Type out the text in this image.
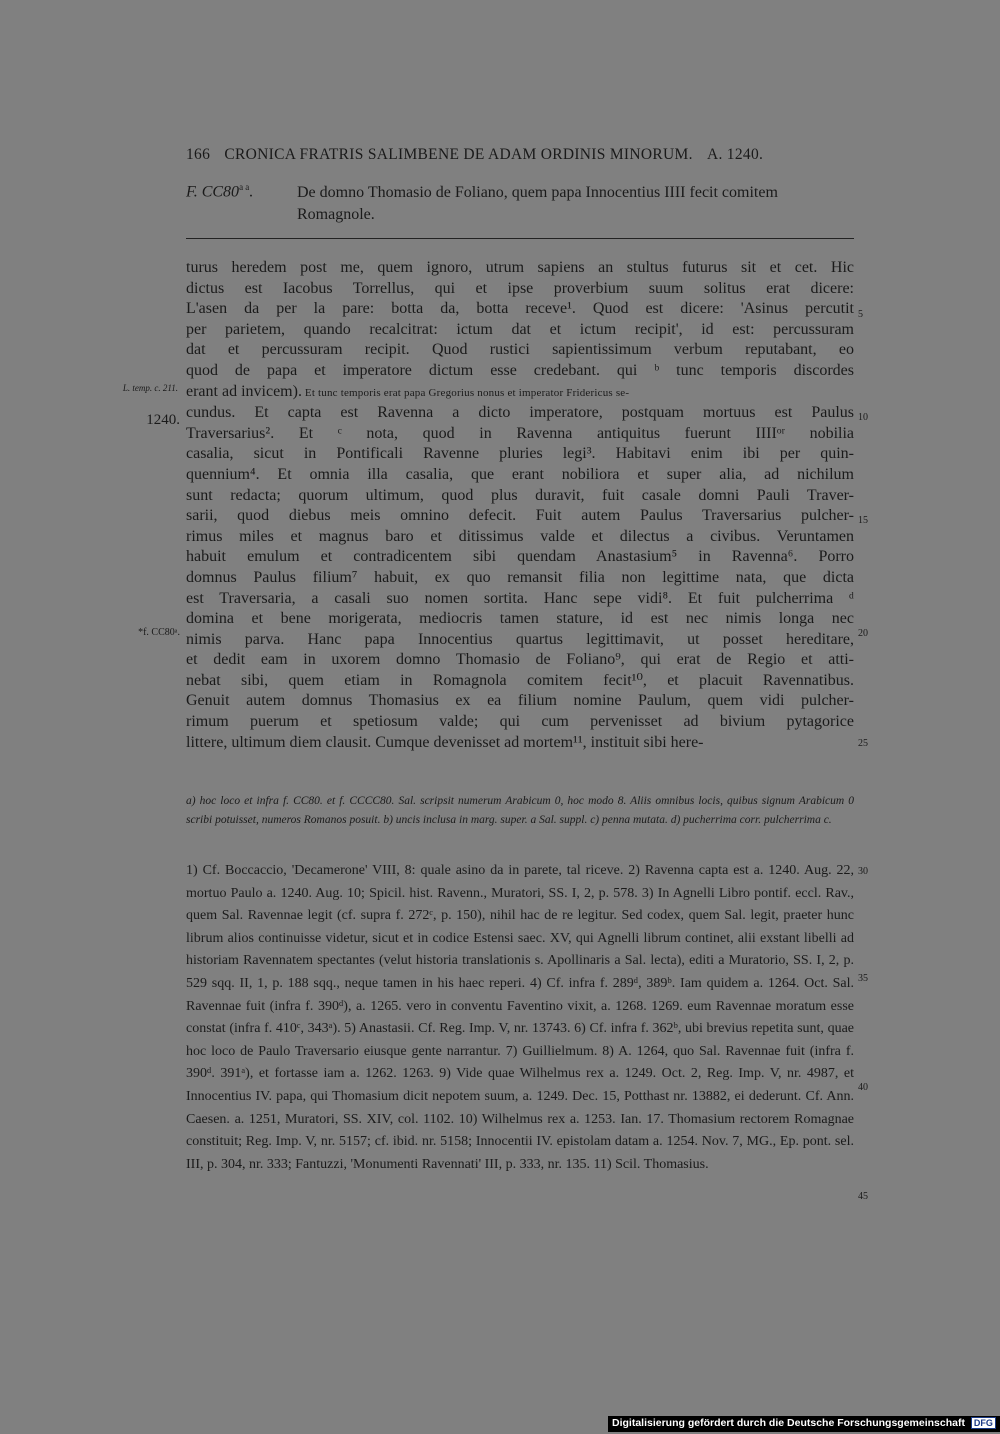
166 CRONICA FRATRIS SALIMBENE DE ADAM ORDINIS MINORUM. A. 1240.
F. $CC80^{a a}$.	De domno Thomasio de Foliano, quem papa Innocentius IIII fecit comitem Romagnole.

turus heredem post me, quem ignoro, utrum sapiens an stultus futurus sit et cet. Hic

dictus est Iacobus Torrellus, qui et ipse proverbium suum solitus erat dicere:

L'asen da per la pare: botta da, botta receve¹. Quod est dicere: 'Asinus percutit

per parietem, quando recalcitrat: ictum dat et ictum recipit', id est: percussuram

dat et percussuram recipit. Quod rustici sapientissimum verbum reputabant, eo

quod de papa et imperatore dictum esse credebant. qui ᵇ tunc temporis discordes

erant ad invicem). Et tunc temporis erat papa Gregorius nonus et imperator Fridericus se-

cundus. Et capta est Ravenna a dicto imperatore, postquam mortuus est Paulus

Traversarius². Et ᶜ nota, quod in Ravenna antiquitus fuerunt IIIIᵒʳ nobilia

casalia, sicut in Pontificali Ravenne pluries legi³. Habitavi enim ibi per quin-

quennium⁴. Et omnia illa casalia, que erant nobiliora et super alia, ad nichilum

sunt redacta; quorum ultimum, quod plus duravit, fuit casale domni Pauli Traver-

sarii, quod diebus meis omnino defecit. Fuit autem Paulus Traversarius pulcher-

rimus miles et magnus baro et ditissimus valde et dilectus a civibus. Veruntamen

habuit emulum et contradicentem sibi quendam Anastasium⁵ in Ravenna⁶. Porro

domnus Paulus filium⁷ habuit, ex quo remansit filia non legittime nata, que dicta

est Traversaria, a casali suo nomen sortita. Hanc sepe vidi⁸. Et fuit pulcherrima ᵈ

domina et bene morigerata, mediocris tamen stature, id est nec nimis longa nec

nimis parva. Hanc papa Innocentius quartus legittimavit, ut posset hereditare,

et dedit eam in uxorem domno Thomasio de Foliano⁹, qui erat de Regio et atti-

nebat sibi, quem etiam in Romagnola comitem fecit¹⁰, et placuit Ravennatibus.

Genuit autem domnus Thomasius ex ea filium nomine Paulum, quem vidi pulcher-

rimum puerum et spetiosum valde; qui cum pervenisset ad bivium pytagorice

littere, ultimum diem clausit. Cumque devenisset ad mortem¹¹, instituit sibi here-

5
10
15
20
25
30
35
40
45
L. temp. c. 211.
1240.
*f. CC80ᵃ.
a) hoc loco et infra f. CC80. et f. CCCC80. Sal. scripsit numerum Arabicum 0, hoc modo 8. Aliis omnibus locis, quibus signum Arabicum 0 scribi potuisset, numeros Romanos posuit. b) uncis inclusa in marg. super. a Sal. suppl. c) penna mutata. d) pucherrima corr. pulcherrima c.
1) Cf. Boccaccio, 'Decamerone' VIII, 8: quale asino da in parete, tal riceve. 2) Ravenna capta est a. 1240. Aug. 22, mortuo Paulo a. 1240. Aug. 10; Spicil. hist. Ravenn., Muratori, SS. I, 2, p. 578. 3) In Agnelli Libro pontif. eccl. Rav., quem Sal. Ravennae legit (cf. supra f. 272ᶜ, p. 150), nihil hac de re legitur. Sed codex, quem Sal. legit, praeter hunc librum alios continuisse videtur, sicut et in codice Estensi saec. XV, qui Agnelli librum continet, alii exstant libelli ad historiam Ravennatem spectantes (velut historia translationis s. Apollinaris a Sal. lecta), editi a Muratorio, SS. I, 2, p. 529 sqq. II, 1, p. 188 sqq., neque tamen in his haec reperi. 4) Cf. infra f. 289ᵈ, 389ᵇ. Iam quidem a. 1264. Oct. Sal. Ravennae fuit (infra f. 390ᵈ), a. 1265. vero in conventu Faventino vixit, a. 1268. 1269. eum Ravennae moratum esse constat (infra f. 410ᶜ, 343ᵃ). 5) Anastasii. Cf. Reg. Imp. V, nr. 13743. 6) Cf. infra f. 362ᵇ, ubi brevius repetita sunt, quae hoc loco de Paulo Traversario eiusque gente narrantur. 7) Guillielmum. 8) A. 1264, quo Sal. Ravennae fuit (infra f. 390ᵈ. 391ᵃ), et fortasse iam a. 1262. 1263. 9) Vide quae Wilhelmus rex a. 1249. Oct. 2, Reg. Imp. V, nr. 4987, et Innocentius IV. papa, qui Thomasium dicit nepotem suum, a. 1249. Dec. 15, Potthast nr. 13882, ei dederunt. Cf. Ann. Caesen. a. 1251, Muratori, SS. XIV, col. 1102. 10) Wilhelmus rex a. 1253. Ian. 17. Thomasium rectorem Romagnae constituit; Reg. Imp. V, nr. 5157; cf. ibid. nr. 5158; Innocentii IV. epistolam datam a. 1254. Nov. 7, MG., Ep. pont. sel. III, p. 304, nr. 333; Fantuzzi, 'Monumenti Ravennati' III, p. 333, nr. 135. 11) Scil. Thomasius.
Digitalisierung gefördert durch die Deutsche Forschungsgemeinschaft DFG
